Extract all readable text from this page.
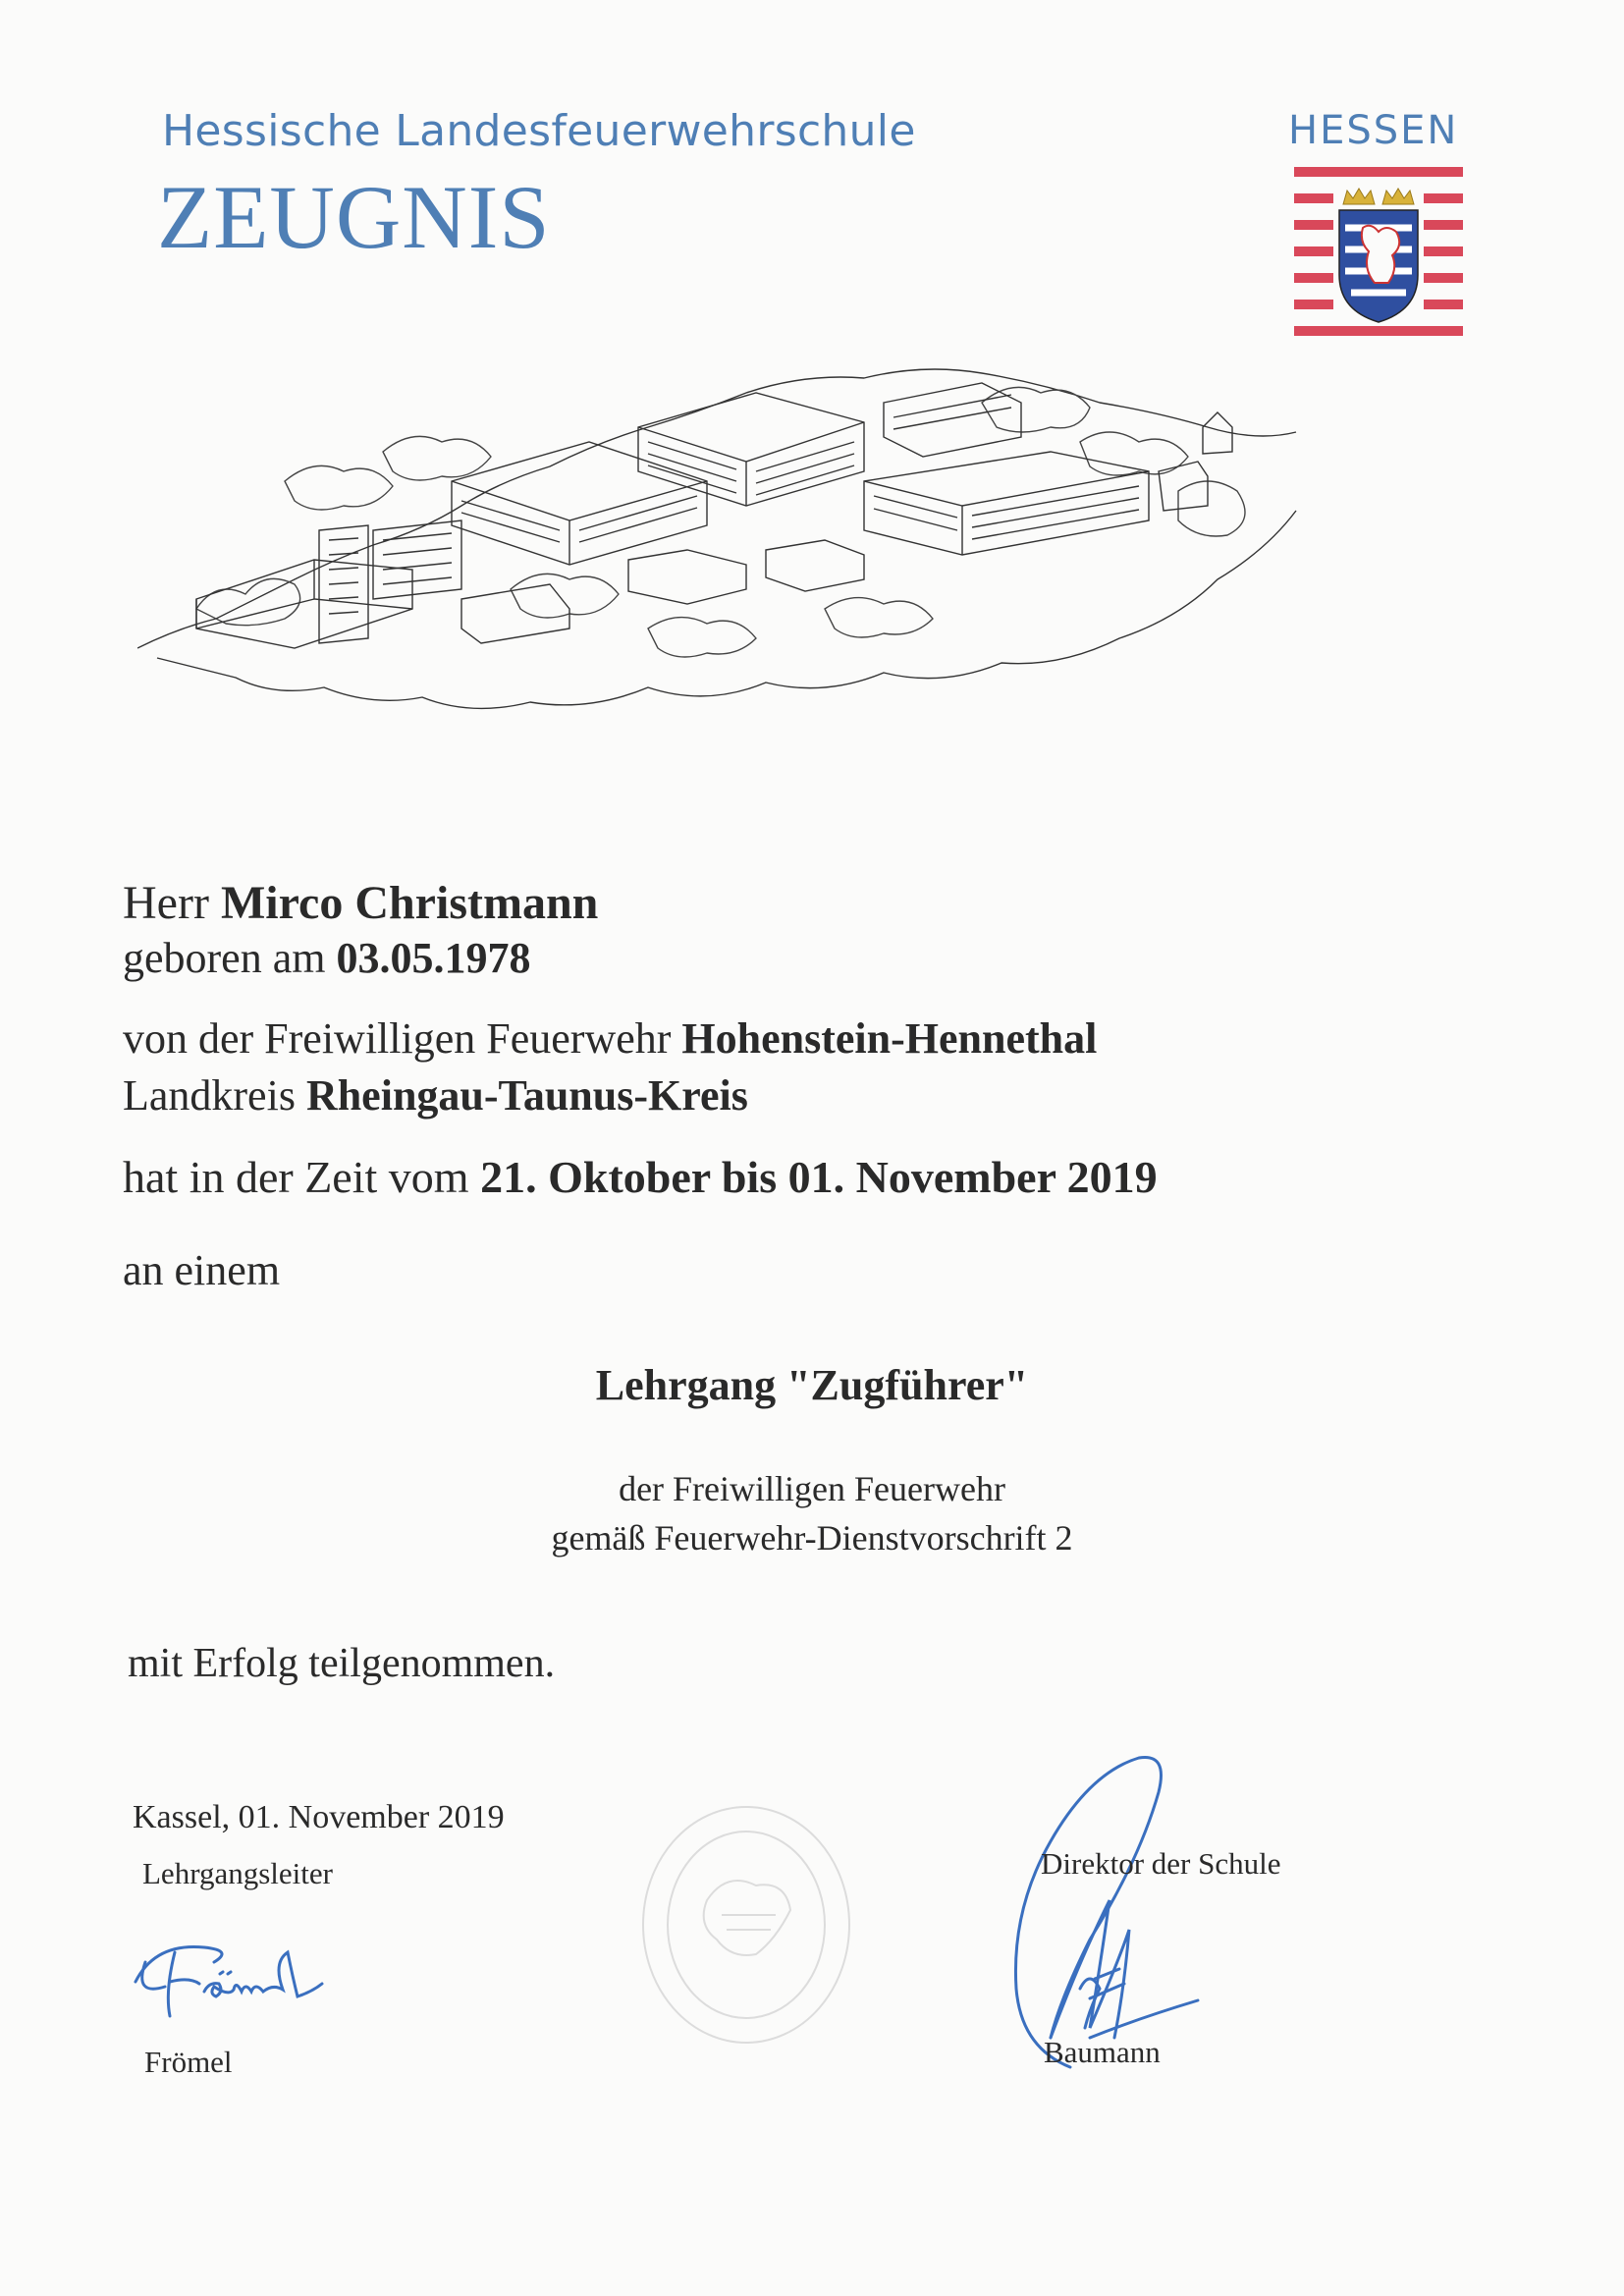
Hessische Landesfeuerwehrschule
ZEUGNIS
HESSEN
Herr Mirco Christmann
geboren am 03.05.1978
von der Freiwilligen Feuerwehr Hohenstein-Hennethal
Landkreis Rheingau-Taunus-Kreis
hat in der Zeit vom 21. Oktober bis 01. November 2019
an einem
Lehrgang "Zugführer"
der Freiwilligen Feuerwehr
gemäß Feuerwehr-Dienstvorschrift 2
mit Erfolg teilgenommen.
Kassel, 01. November 2019
Lehrgangsleiter
Frömel
Direktor der Schule
Baumann
